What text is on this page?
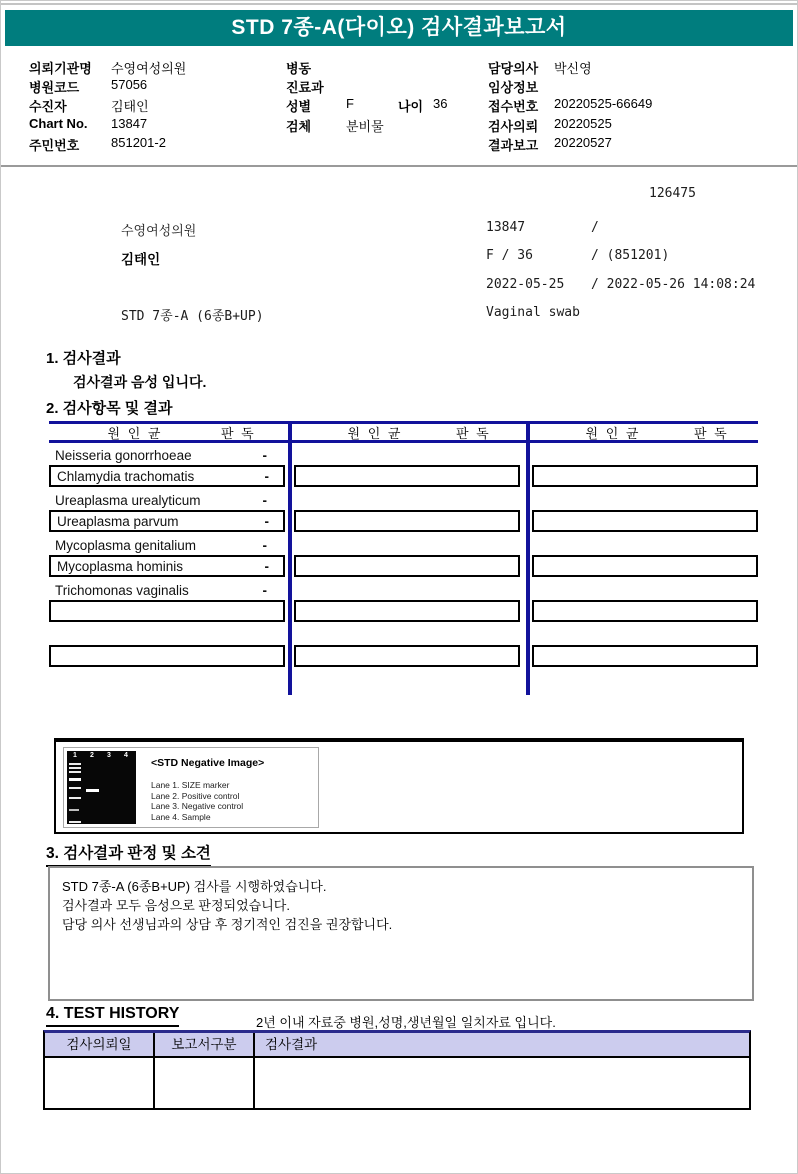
STD 7종-A(다이오) 검사결과보고서
의뢰기관명 수영여성의원
병원코드 57056
수진자	김태인
Chart No. 13847
주민번호 851201-2
병동
진료과
성별	F	나이 36
검체	분비물
담당의사 박신영
임상정보
접수번호 20220525-66649
검사의뢰 20220525
결과보고 20220527
126475
수영여성의원	13847	/
김태인	F / 36	/ (851201)
2022-05-25 / 2022-05-26 14:08:24
STD 7종-A (6종B+UP)	Vaginal swab
1. 검사결과
검사결과 음성 입니다.
2. 검사항목 및 결과
원 인 균	판 독	원 인 균	판 독	원 인 균	판 독
Neisseria gonorrhoeae	-
Chlamydia trachomatis	-
Ureaplasma urealyticum	-
Ureaplasma parvum	-
Mycoplasma genitalium	-
Mycoplasma hominis	-
Trichomonas vaginalis	-
1	2	3	4
<STD Negative Image>
Lane 1. SIZE marker
Lane 2. Positive control
Lane 3. Negative control
Lane 4. Sample
3. 검사결과 판정 및 소견
STD 7종-A (6종B+UP) 검사를 시행하였습니다.
검사결과 모두 음성으로 판정되었습니다.
담당 의사 선생님과의 상담 후 정기적인 검진을 권장합니다.
4. TEST HISTORY
2년 이내 자료중 병원,성명,생년월일 일치자료 입니다.
검사의뢰일	보고서구분	검사결과
